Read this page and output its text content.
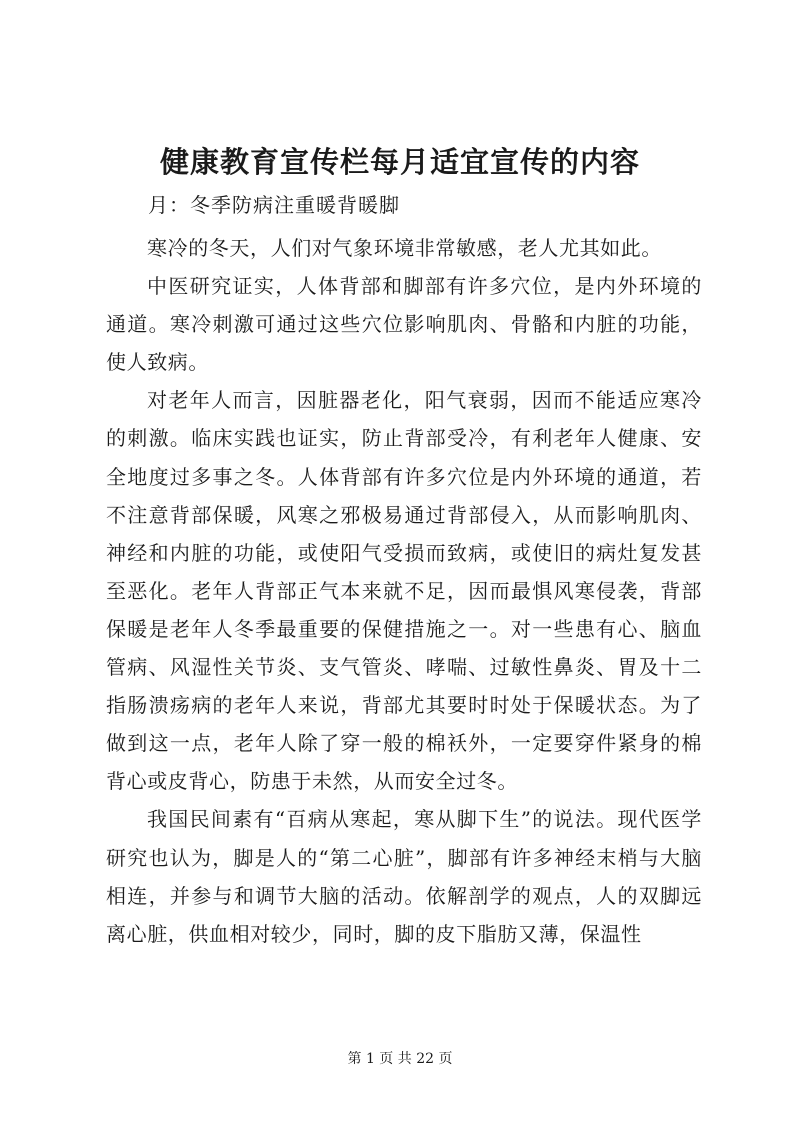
健康教育宣传栏每月适宜宣传的内容

月：冬季防病注重暖背暖脚

寒冷的冬天，人们对气象环境非常敏感，老人尤其如此。

中医研究证实，人体背部和脚部有许多穴位，是内外环境的通道。寒冷刺激可通过这些穴位影响肌肉、骨骼和内脏的功能，使人致病。

对老年人而言，因脏器老化，阳气衰弱，因而不能适应寒冷的刺激。临床实践也证实，防止背部受冷，有利老年人健康、安全地度过多事之冬。人体背部有许多穴位是内外环境的通道，若不注意背部保暖，风寒之邪极易通过背部侵入，从而影响肌肉、神经和内脏的功能，或使阳气受损而致病，或使旧的病灶复发甚至恶化。老年人背部正气本来就不足，因而最惧风寒侵袭，背部保暖是老年人冬季最重要的保健措施之一。对一些患有心、脑血管病、风湿性关节炎、支气管炎、哮喘、过敏性鼻炎、胃及十二指肠溃疡病的老年人来说，背部尤其要时时处于保暖状态。为了做到这一点，老年人除了穿一般的棉袄外，一定要穿件紧身的棉背心或皮背心，防患于未然，从而安全过冬。

我国民间素有“百病从寒起，寒从脚下生”的说法。现代医学研究也认为，脚是人的“第二心脏”，脚部有许多神经末梢与大脑相连，并参与和调节大脑的活动。依解剖学的观点，人的双脚远离心脏，供血相对较少，同时，脚的皮下脂肪又薄，保温性

第 1 页 共 22 页
